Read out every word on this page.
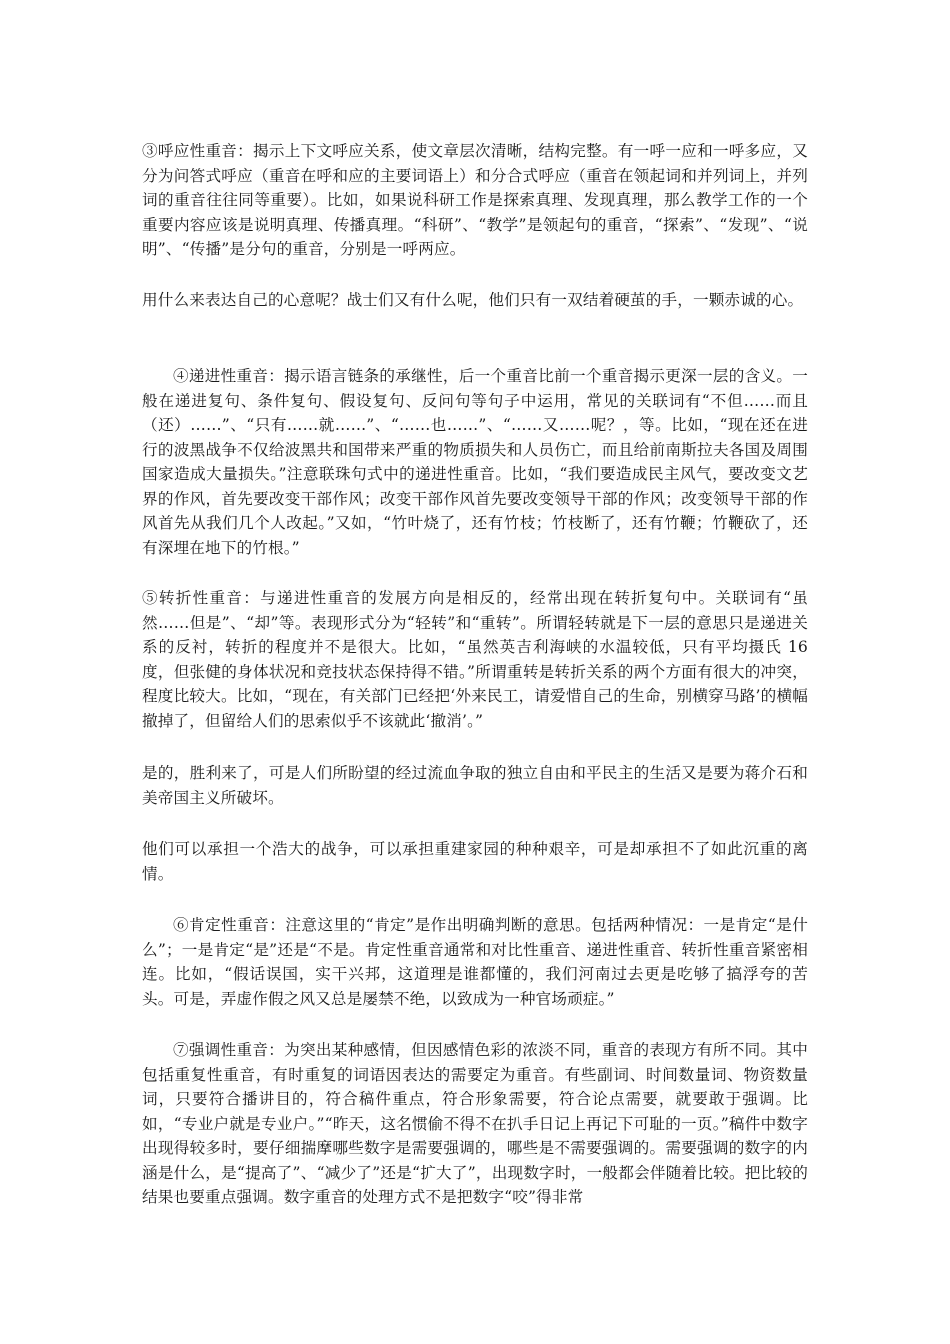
③呼应性重音：揭示上下文呼应关系，使文章层次清晰，结构完整。有一呼一应和一呼多应，又分为问答式呼应（重音在呼和应的主要词语上）和分合式呼应（重音在领起词和并列词上，并列词的重音往往同等重要）。比如，如果说科研工作是探索真理、发现真理，那么教学工作的一个重要内容应该是说明真理、传播真理。“科研”、“教学”是领起句的重音，“探索”、“发现”、“说明”、“传播”是分句的重音，分别是一呼两应。

用什么来表达自己的心意呢？战士们又有什么呢，他们只有一双结着硬茧的手，一颗赤诚的心。

④递进性重音：揭示语言链条的承继性，后一个重音比前一个重音揭示更深一层的含义。一般在递进复句、条件复句、假设复句、反问句等句子中运用，常见的关联词有“不但……而且（还）……”、“只有……就……”、“……也……”、“……又……呢？，等。比如，“现在还在进行的波黑战争不仅给波黑共和国带来严重的物质损失和人员伤亡，而且给前南斯拉夫各国及周围国家造成大量损失。”注意联珠句式中的递进性重音。比如，“我们要造成民主风气，要改变文艺界的作风，首先要改变干部作风；改变干部作风首先要改变领导干部的作风；改变领导干部的作风首先从我们几个人改起。”又如，“竹叶烧了，还有竹枝；竹枝断了，还有竹鞭；竹鞭砍了，还有深埋在地下的竹根。”

⑤转折性重音：与递进性重音的发展方向是相反的，经常出现在转折复句中。关联词有“虽然……但是”、“却”等。表现形式分为“轻转”和“重转”。所谓轻转就是下一层的意思只是递进关系的反衬，转折的程度并不是很大。比如，“虽然英吉利海峡的水温较低，只有平均摄氏 16 度，但张健的身体状况和竞技状态保持得不错。”所谓重转是转折关系的两个方面有很大的冲突，程度比较大。比如，“现在，有关部门已经把‘外来民工，请爱惜自己的生命，别横穿马路’的横幅撤掉了，但留给人们的思索似乎不该就此‘撤消’。”

是的，胜利来了，可是人们所盼望的经过流血争取的独立自由和平民主的生活又是要为蒋介石和美帝国主义所破坏。

他们可以承担一个浩大的战争，可以承担重建家园的种种艰辛，可是却承担不了如此沉重的离情。

⑥肯定性重音：注意这里的“肯定”是作出明确判断的意思。包括两种情况：一是肯定“是什么”；一是肯定“是”还是“不是。肯定性重音通常和对比性重音、递进性重音、转折性重音紧密相连。比如，“假话误国，实干兴邦，这道理是谁都懂的，我们河南过去更是吃够了搞浮夸的苦头。可是，弄虚作假之风又总是屡禁不绝，以致成为一种官场顽症。”

⑦强调性重音：为突出某种感情，但因感情色彩的浓淡不同，重音的表现方有所不同。其中包括重复性重音，有时重复的词语因表达的需要定为重音。有些副词、时间数量词、物资数量词，只要符合播讲目的，符合稿件重点，符合形象需要，符合论点需要，就要敢于强调。比如，“专业户就是专业户。”“昨天，这名惯偷不得不在扒手日记上再记下可耻的一页。”稿件中数字出现得较多时，要仔细揣摩哪些数字是需要强调的，哪些是不需要强调的。需要强调的数字的内涵是什么，是“提高了”、“减少了”还是“扩大了”，出现数字时，一般都会伴随着比较。把比较的结果也要重点强调。数字重音的处理方式不是把数字“咬”得非常
